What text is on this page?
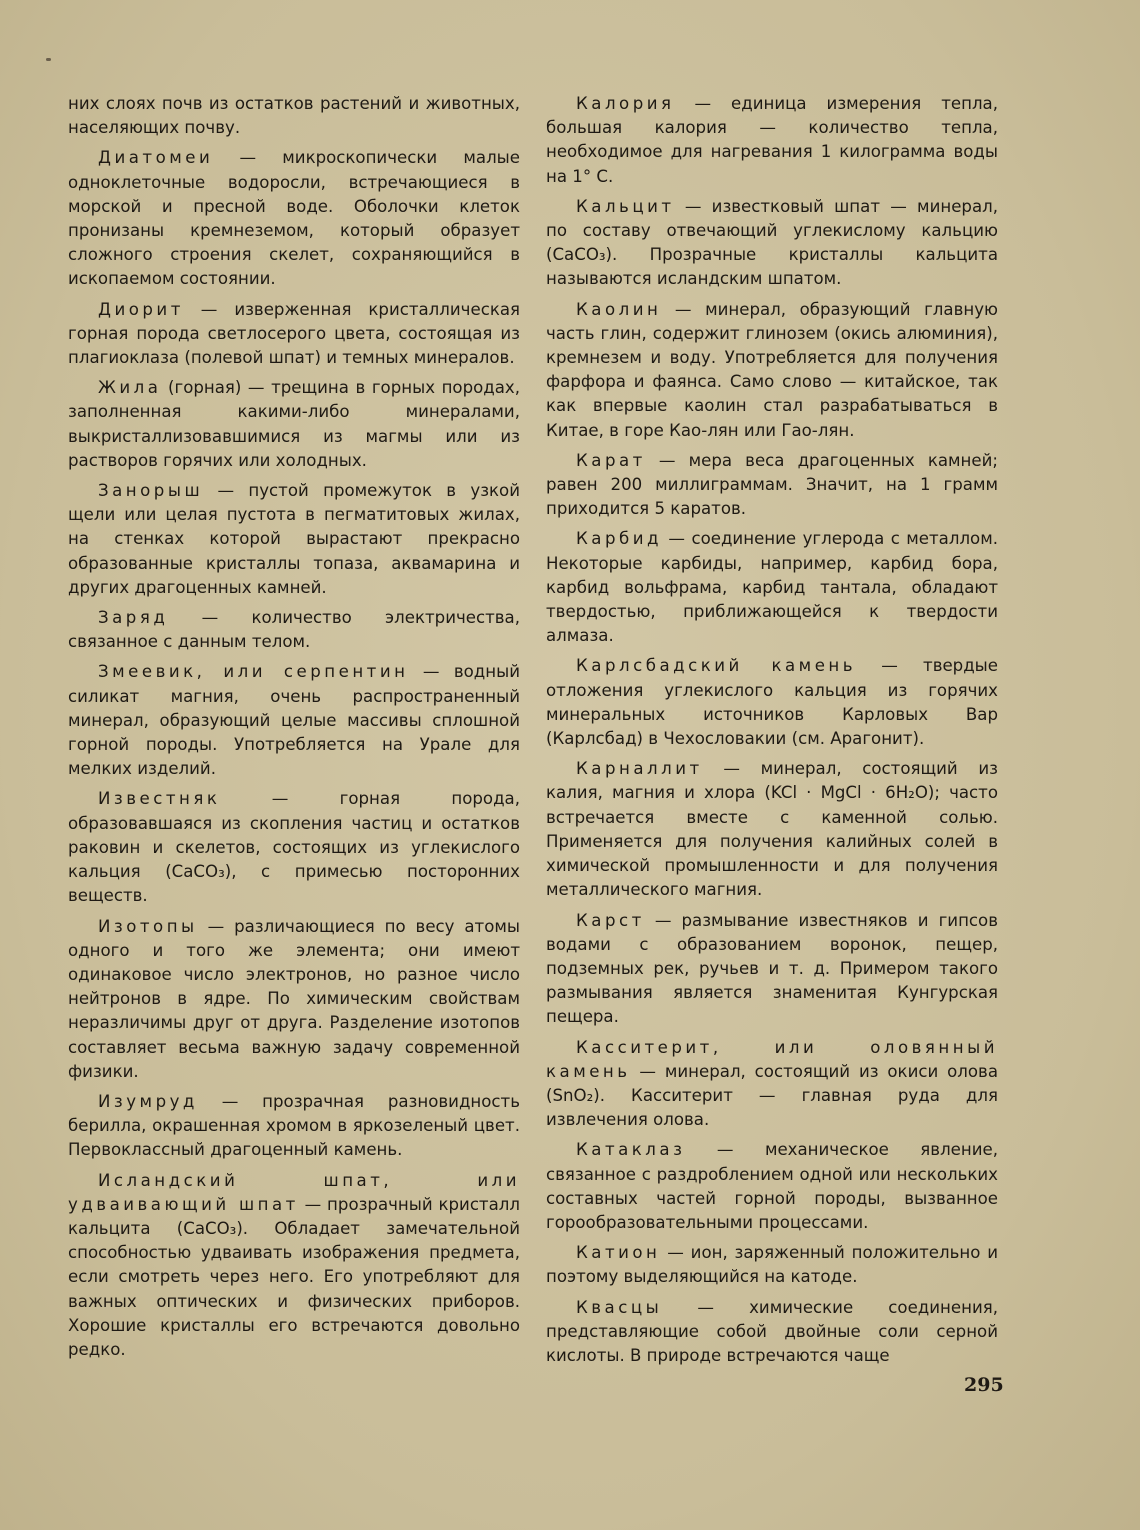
них слоях почв из остатков растений и животных, населяющих почву.

Диатомеи — микроскопически малые одноклеточные водоросли, встречающиеся в морской и пресной воде. Оболочки клеток пронизаны кремнеземом, который образует сложного строения скелет, сохраняющийся в ископаемом состоянии.

Диорит — изверженная кристаллическая горная порода светлосерого цвета, состоящая из плагиоклаза (полевой шпат) и темных минералов.

Жила (горная) — трещина в горных породах, заполненная какими-либо минералами, выкристаллизовавшимися из магмы или из растворов горячих или холодных.

Занорыш — пустой промежуток в узкой щели или целая пустота в пегматитовых жилах, на стенках которой вырастают прекрасно образованные кристаллы топаза, аквамарина и других драгоценных камней.

Заряд — количество электричества, связанное с данным телом.

Змеевик, или серпентин — водный силикат магния, очень распространенный минерал, образующий целые массивы сплошной горной породы. Употребляется на Урале для мелких изделий.

Известняк — горная порода, образовавшаяся из скопления частиц и остатков раковин и скелетов, состоящих из углекислого кальция (CaCO₃), с примесью посторонних веществ.

Изотопы — различающиеся по весу атомы одного и того же элемента; они имеют одинаковое число электронов, но разное число нейтронов в ядре. По химическим свойствам неразличимы друг от друга. Разделение изотопов составляет весьма важную задачу современной физики.

Изумруд — прозрачная разновидность берилла, окрашенная хромом в яркозеленый цвет. Первоклассный драгоценный камень.

Исландский шпат, или удваивающий шпат — прозрачный кристалл кальцита (CaCO₃). Обладает замечательной способностью удваивать изображения предмета, если смотреть через него. Его употребляют для важных оптических и физических приборов. Хорошие кристаллы его встречаются довольно редко.

Калория — единица измерения тепла, большая калория — количество тепла, необходимое для нагревания 1 килограмма воды на 1° С.

Кальцит — известковый шпат — минерал, по составу отвечающий углекислому кальцию (CaCO₃). Прозрачные кристаллы кальцита называются исландским шпатом.

Каолин — минерал, образующий главную часть глин, содержит глинозем (окись алюминия), кремнезем и воду. Употребляется для получения фарфора и фаянса. Само слово — китайское, так как впервые каолин стал разрабатываться в Китае, в горе Као-лян или Гао-лян.

Карат — мера веса драгоценных камней; равен 200 миллиграммам. Значит, на 1 грамм приходится 5 каратов.

Карбид — соединение углерода с металлом. Некоторые карбиды, например, карбид бора, карбид вольфрама, карбид тантала, обладают твердостью, приближающейся к твердости алмаза.

Карлсбадский камень — твердые отложения углекислого кальция из горячих минеральных источников Карловых Вар (Карлсбад) в Чехословакии (см. Арагонит).

Карналлит — минерал, состоящий из калия, магния и хлора (KCl · MgCl · 6H₂O); часто встречается вместе с каменной солью. Применяется для получения калийных солей в химической промышленности и для получения металлического магния.

Карст — размывание известняков и гипсов водами с образованием воронок, пещер, подземных рек, ручьев и т. д. Примером такого размывания является знаменитая Кунгурская пещера.

Касситерит, или оловянный камень — минерал, состоящий из окиси олова (SnO₂). Касситерит — главная руда для извлечения олова.

Катаклаз — механическое явление, связанное с раздроблением одной или нескольких составных частей горной породы, вызванное горообразовательными процессами.

Катион — ион, заряженный положительно и поэтому выделяющийся на катоде.

Квасцы — химические соединения, представляющие собой двойные соли серной кислоты. В природе встречаются чаще

295
